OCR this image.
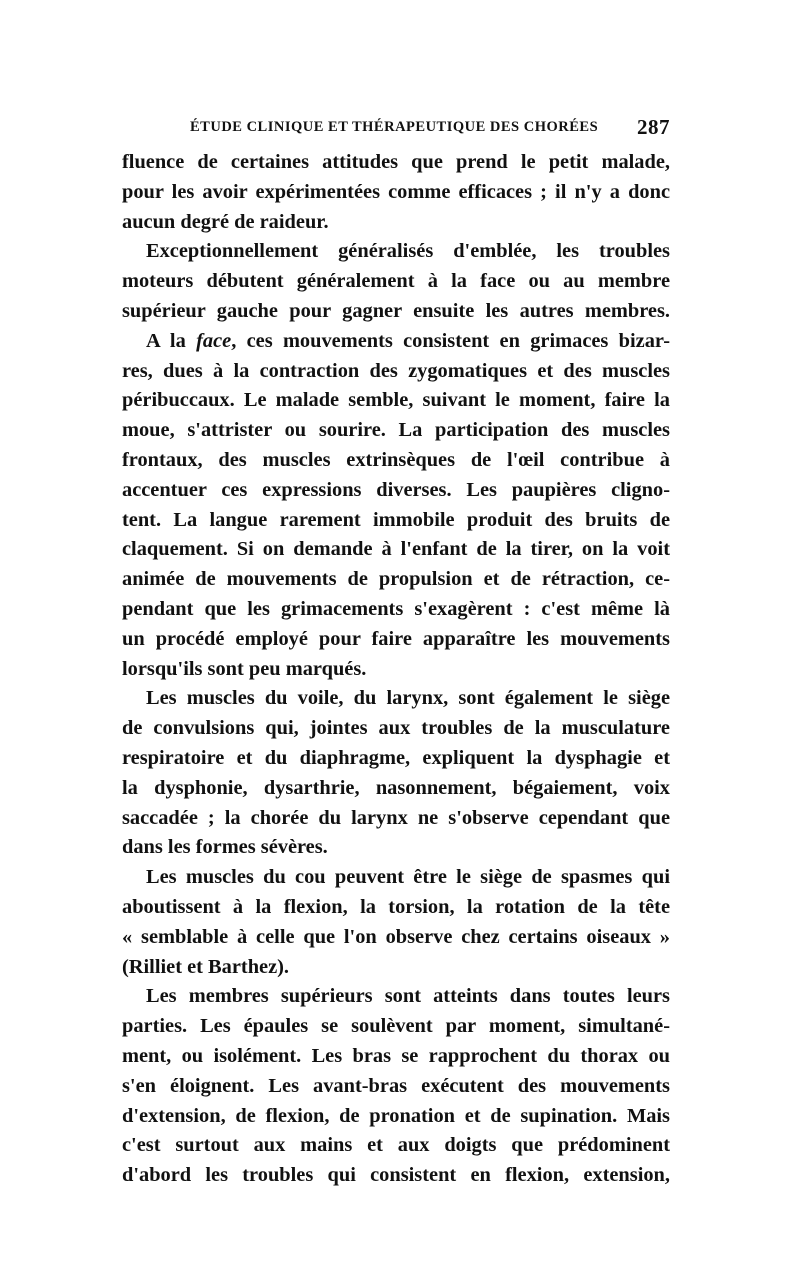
ÉTUDE CLINIQUE ET THÉRAPEUTIQUE DES CHORÉES 287
fluence de certaines attitudes que prend le petit malade,
pour les avoir expérimentées comme efficaces ; il n'y a donc
aucun degré de raideur.
Exceptionnellement généralisés d'emblée, les troubles
moteurs débutent généralement à la face ou au membre
supérieur gauche pour gagner ensuite les autres membres.
A la face, ces mouvements consistent en grimaces bizar-
res, dues à la contraction des zygomatiques et des muscles
péribuccaux. Le malade semble, suivant le moment, faire la
moue, s'attrister ou sourire. La participation des muscles
frontaux, des muscles extrinsèques de l'œil contribue à
accentuer ces expressions diverses. Les paupières clignо-
tent. La langue rarement immobile produit des bruits de
claquement. Si on demande à l'enfant de la tirer, on la voit
animée de mouvements de propulsion et de rétraction, ce-
pendant que les grimacements s'exagèrent : c'est même là
un procédé employé pour faire apparaître les mouvements
lorsqu'ils sont peu marqués.
Les muscles du voile, du larynx, sont également le siège
de convulsions qui, jointes aux troubles de la musculature
respiratoire et du diaphragme, expliquent la dysphagie et
la dysphonie, dysarthrie, nasonnement, bégaiement, voix
saccadée ; la chorée du larynx ne s'observe cependant que
dans les formes sévères.
Les muscles du cou peuvent être le siège de spasmes qui
aboutissent à la flexion, la torsion, la rotation de la tête
« semblable à celle que l'on observe chez certains oiseaux »
(Rilliet et Barthez).
Les membres supérieurs sont atteints dans toutes leurs
parties. Les épaules se soulèvent par moment, simultané-
ment, ou isolément. Les bras se rapprochent du thorax ou
s'en éloignent. Les avant-bras exécutent des mouvements
d'extension, de flexion, de pronation et de supination. Mais
c'est surtout aux mains et aux doigts que prédominent
d'abord les troubles qui consistent en flexion, extension,
